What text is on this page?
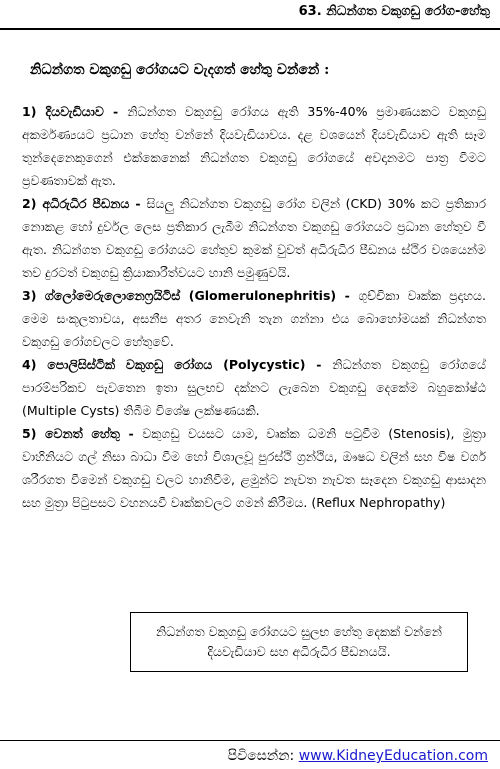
63. නිධන්ගත වකුගඩු රෝග-හේතු
නිධන්ගත වකුගඩු රෝගයට වැදගත් හේතු වන්නේ :

1) දියවැඩියාව - නිධන්ගත වකුගඩු රෝගය ඇති 35%-40% ප්‍රමාණයකට වකුගඩු අකර්මණ්‍යයට ප්‍රධාන හේතු වන්නේ දියවැඩියාවය. දළ වශයෙන් දියවැඩියාව ඇති සෑම තුන්දෙනෙකුගෙන් එක්කෙනෙක් නිධන්ගත වකුගඩු රෝගයේ අවදානමට පාත්‍ර වීමට ප්‍රවණතාවක් ඇත.

2) අධිරුධිර පීඩනය - සියලු නිධන්ගත වකුගඩු රෝග වලින් (CKD) 30% කට ප්‍රතිකාර නොකළ හෝ දුර්වල ලෙස ප්‍රතිකාර ලැබීම නිධන්ගත වකුගඩු රෝගයට ප්‍රධාන හේතුව වී ඇත. නිධන්ගත වකුගඩු රෝගයට හේතුව කුමක් වුවත් අධිරුධිර පීඩනය ස්ථිර වශයෙන්ම තව දුරටත් වකුගඩු ක්‍රියාකාරීත්වයට හානි පමුණුවයි.

3) ග්ලෝමෙරුලොනෙෆ්‍රයිටිස් (Glomerulonephritis) - ගුච්චිකා වෘක්ක ප්‍රදාහය. මෙම සංකූලතාවය, අසනීප අතර නෙවැනි තැන ගන්නා එය බොහෝමයක් නිධන්ගත වකුගඩු රෝගවලට හේතුවේ.

4) පොලිසිස්ටික් වකුගඩු රෝගය (Polycystic) - නිධන්ගත වකුගඩු රෝගයේ පාරම්පරිකව පැවතෙන ඉතා සුලභව දක්නට ලැබෙන වකුගඩු දෙකේම බහුකෝෂ්ඨ (Multiple Cysts) තිබීම විශේෂ ලක්ෂණයකි.

5) වෙනත් හේතු - වකුගඩු වයසට යාම, වෘක්ක ධමනි පටුවීම (Stenosis), මුත්‍රා වාහිනියට ගල් නිසා බාධා වීම හෝ විශාලවූ පුරස්ථි ග්‍රන්ථිය, ඖෂධ වලින් සහ විෂ වර්ග ශරීරගත වීමෙන් වකුගඩු වලට හානිවීම, ළමුන්ට නැවත නැවත සෑදෙන වකුගඩු ආසාදන සහ මුත්‍රා පිටුපසට වහනයවී වෘක්කවලට ගමන් කිරීමය. (Reflux Nephropathy)

නිධන්ගත වකුගඩු රෝගයට සුලභ හේතු දෙකක් වන්නේ දියවැඩියාව සහ අධිරුධිර පීඩනයයි.
පිවිසෙන්න: www.KidneyEducation.com
